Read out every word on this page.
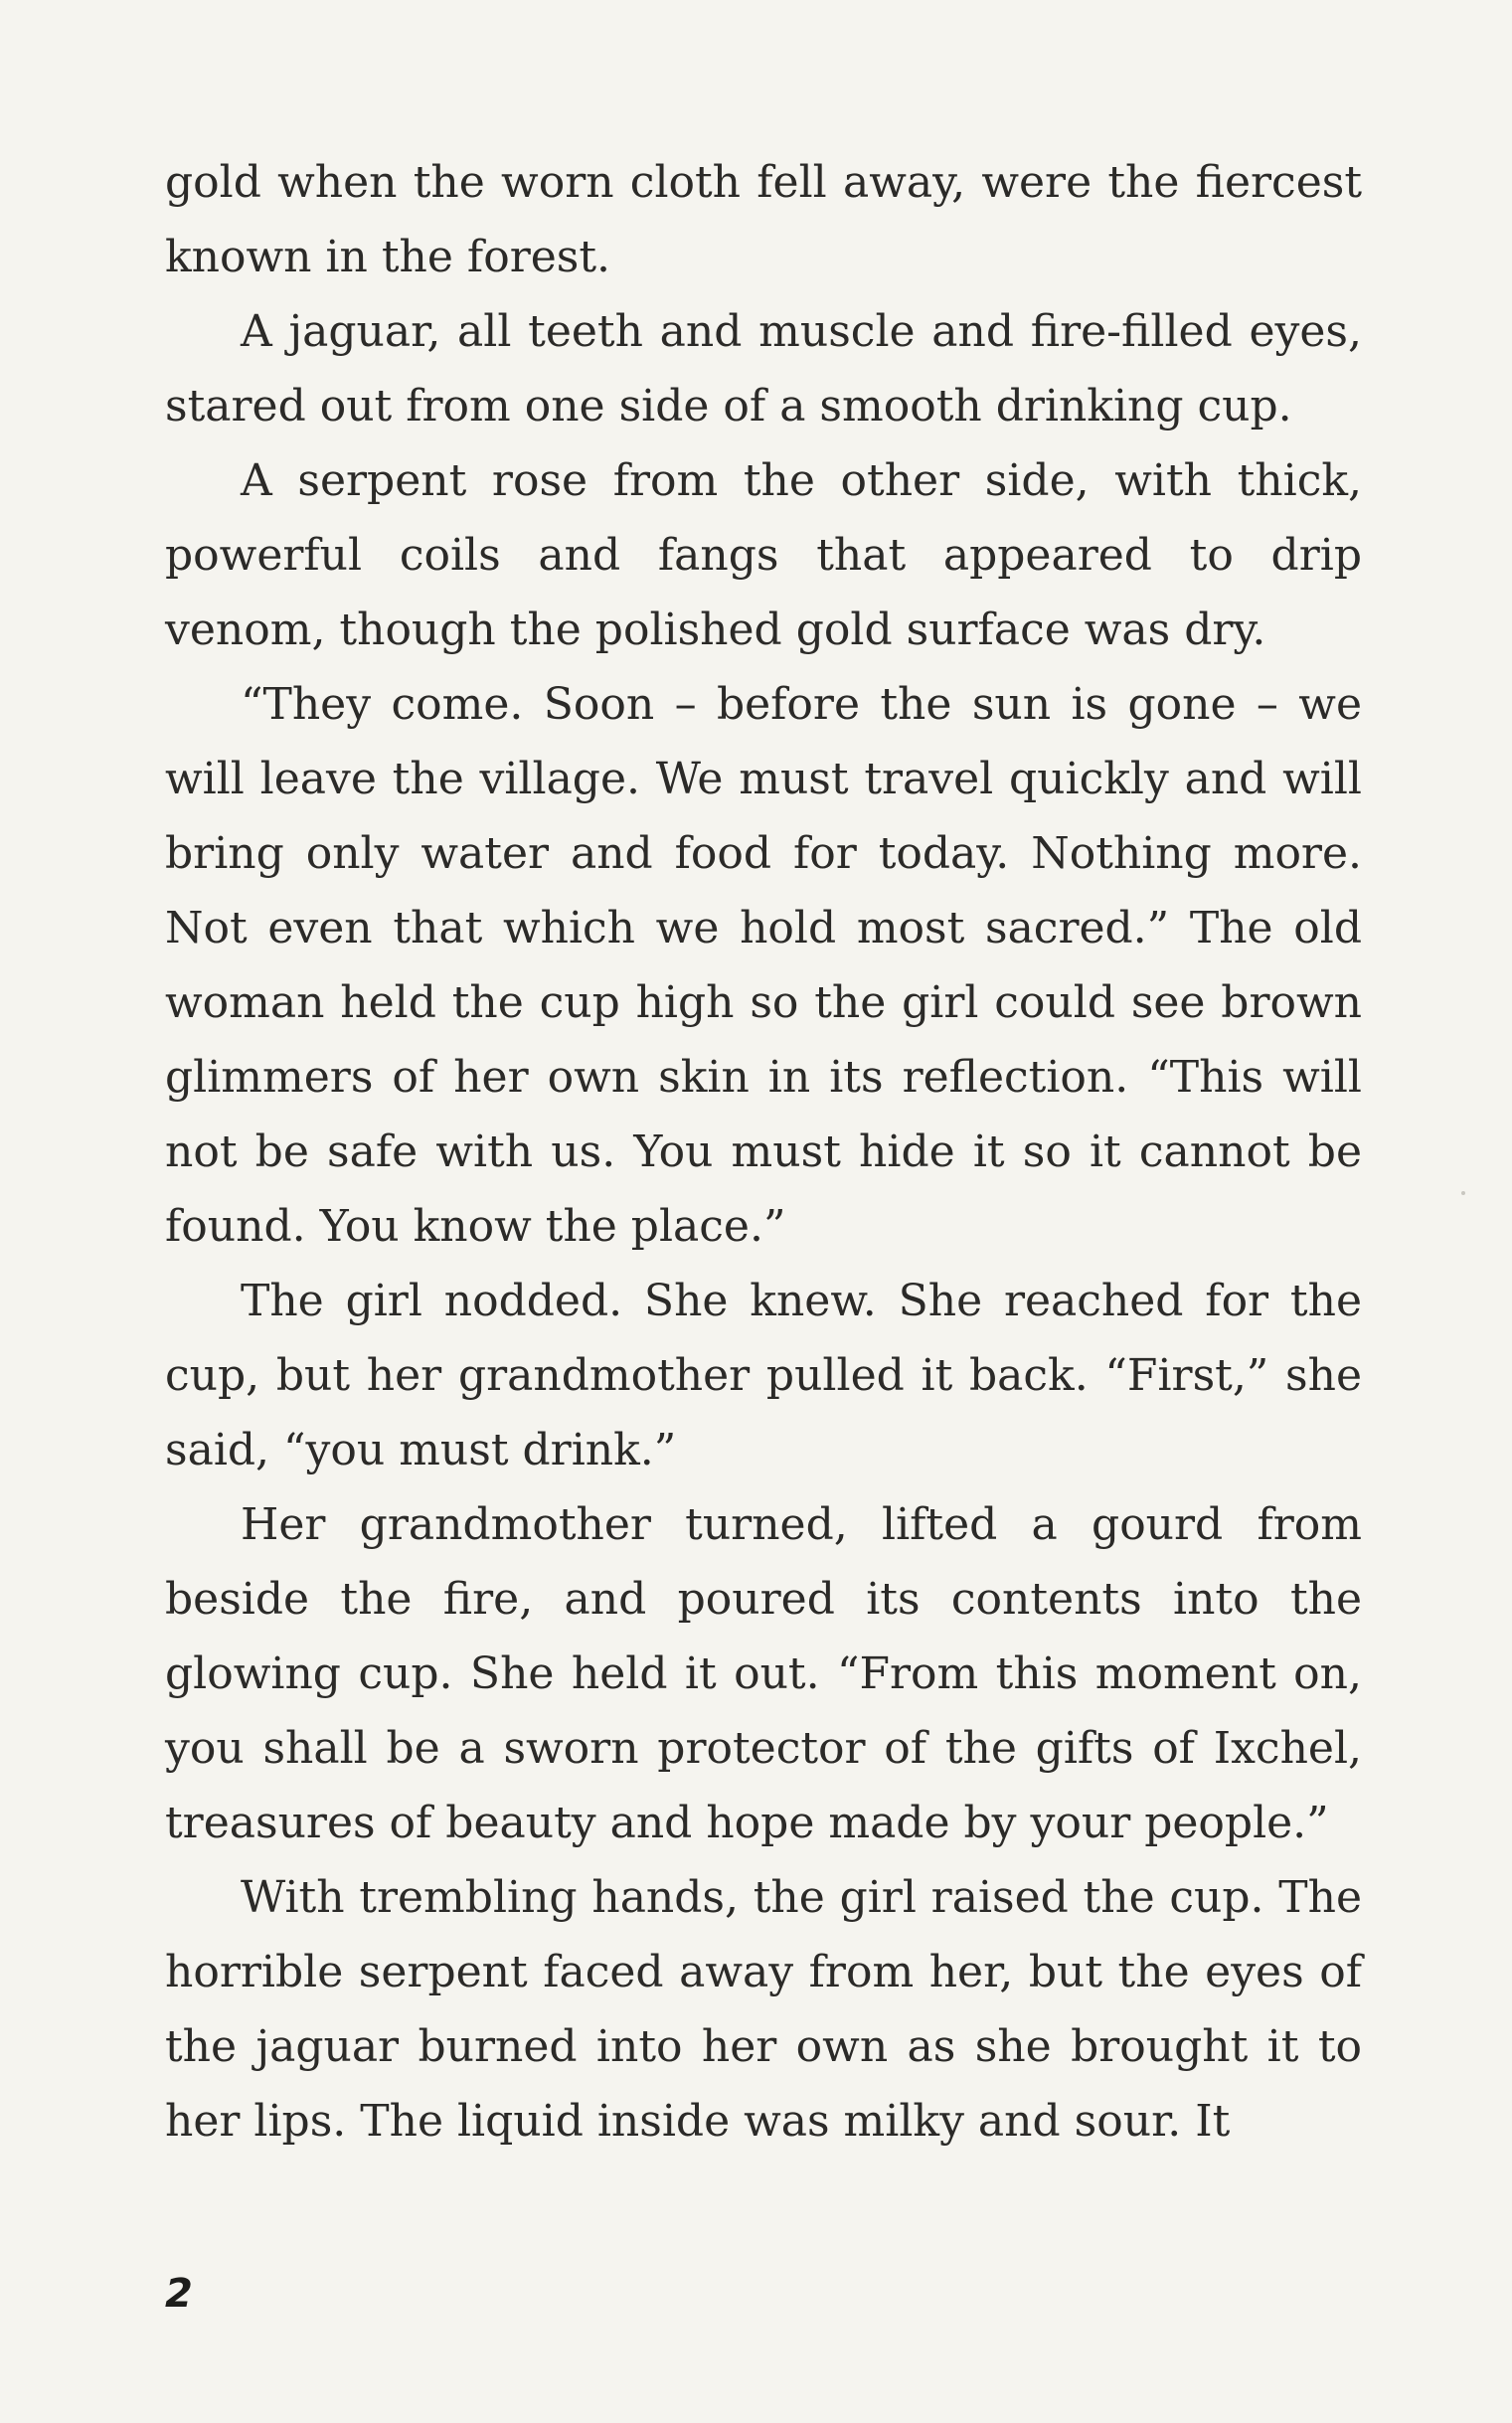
gold when the worn cloth fell away, were the fiercest known in the forest.

A jaguar, all teeth and muscle and fire-filled eyes, stared out from one side of a smooth drinking cup.

A serpent rose from the other side, with thick, powerful coils and fangs that appeared to drip venom, though the polished gold surface was dry.

“They come. Soon – before the sun is gone – we will leave the village. We must travel quickly and will bring only water and food for today. Nothing more. Not even that which we hold most sacred.” The old woman held the cup high so the girl could see brown glimmers of her own skin in its reflection. “This will not be safe with us. You must hide it so it cannot be found. You know the place.”

The girl nodded. She knew. She reached for the cup, but her grandmother pulled it back. “First,” she said, “you must drink.”

Her grandmother turned, lifted a gourd from beside the fire, and poured its contents into the glowing cup. She held it out. “From this moment on, you shall be a sworn protector of the gifts of Ixchel, treasures of beauty and hope made by your people.”

With trembling hands, the girl raised the cup. The horrible serpent faced away from her, but the eyes of the jaguar burned into her own as she brought it to her lips. The liquid inside was milky and sour. It

2
